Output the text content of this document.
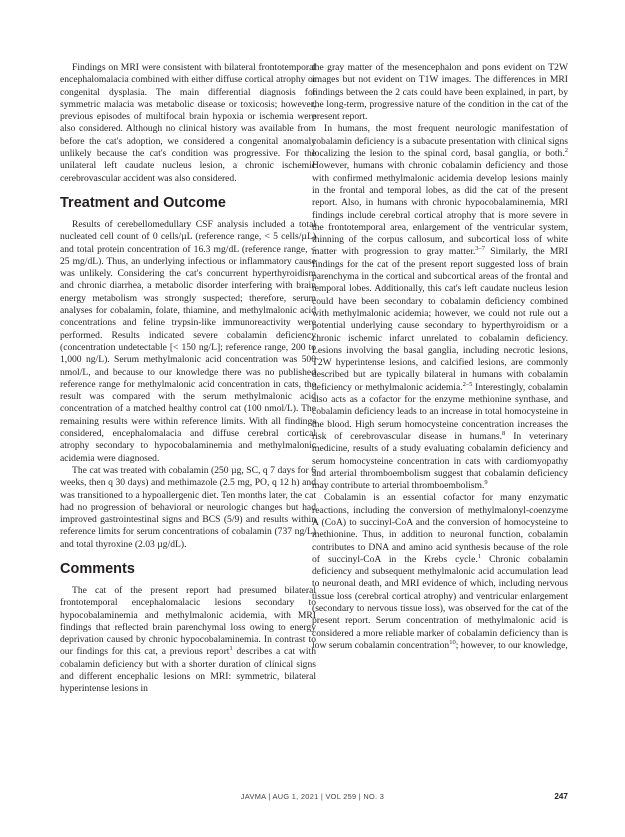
Findings on MRI were consistent with bilateral frontotemporal encephalomalacia combined with either diffuse cortical atrophy or congenital dysplasia. The main differential diagnosis for symmetric malacia was metabolic disease or toxicosis; however, previous episodes of multifocal brain hypoxia or ischemia were also considered. Although no clinical history was available from before the cat's adoption, we considered a congenital anomaly unlikely because the cat's condition was progressive. For the unilateral left caudate nucleus lesion, a chronic ischemic cerebrovascular accident was also considered.

Treatment and Outcome

Results of cerebellomedullary CSF analysis included a total nucleated cell count of 0 cells/µL (reference range, < 5 cells/µL) and total protein concentration of 16.3 mg/dL (reference range, < 25 mg/dL). Thus, an underlying infectious or inflammatory cause was unlikely. Considering the cat's concurrent hyperthyroidism and chronic diarrhea, a metabolic disorder interfering with brain energy metabolism was strongly suspected; therefore, serum analyses for cobalamin, folate, thiamine, and methylmalonic acid concentrations and feline trypsin-like immunoreactivity were performed. Results indicated severe cobalamin deficiency (concentration undetectable [< 150 ng/L]; reference range, 200 to 1,000 ng/L). Serum methylmalonic acid concentration was 500 nmol/L, and because to our knowledge there was no published reference range for methylmalonic acid concentration in cats, the result was compared with the serum methylmalonic acid concentration of a matched healthy control cat (100 nmol/L). The remaining results were within reference limits. With all findings considered, encephalomalacia and diffuse cerebral cortical atrophy secondary to hypocobalaminemia and methylmalonic acidemia were diagnosed.

The cat was treated with cobalamin (250 µg, SC, q 7 days for 6 weeks, then q 30 days) and methimazole (2.5 mg, PO, q 12 h) and was transitioned to a hypoallergenic diet. Ten months later, the cat had no progression of behavioral or neurologic changes but had improved gastrointestinal signs and BCS (5/9) and results within reference limits for serum concentrations of cobalamin (737 ng/L) and total thyroxine (2.03 µg/dL).

Comments

The cat of the present report had presumed bilateral frontotemporal encephalomalacic lesions secondary to hypocobalaminemia and methylmalonic acidemia, with MRI findings that reflected brain parenchymal loss owing to energy deprivation caused by chronic hypocobalaminemia. In contrast to our findings for this cat, a previous report$^1$ describes a cat with cobalamin deficiency but with a shorter duration of clinical signs and different encephalic lesions on MRI: symmetric, bilateral hyperintense lesions in

the gray matter of the mesencephalon and pons evident on T2W images but not evident on T1W images. The differences in MRI findings between the 2 cats could have been explained, in part, by the long-term, progressive nature of the condition in the cat of the present report.

In humans, the most frequent neurologic manifestation of cobalamin deficiency is a subacute presentation with clinical signs localizing the lesion to the spinal cord, basal ganglia, or both.$^2$ However, humans with chronic cobalamin deficiency and those with confirmed methylmalonic acidemia develop lesions mainly in the frontal and temporal lobes, as did the cat of the present report. Also, in humans with chronic hypocobalaminemia, MRI findings include cerebral cortical atrophy that is more severe in the frontotemporal area, enlargement of the ventricular system, thinning of the corpus callosum, and subcortical loss of white matter with progression to gray matter.$^{3-7}$ Similarly, the MRI findings for the cat of the present report suggested loss of brain parenchyma in the cortical and subcortical areas of the frontal and temporal lobes. Additionally, this cat's left caudate nucleus lesion could have been secondary to cobalamin deficiency combined with methylmalonic acidemia; however, we could not rule out a potential underlying cause secondary to hyperthyroidism or a chronic ischemic infarct unrelated to cobalamin deficiency. Lesions involving the basal ganglia, including necrotic lesions, T2W hyperintense lesions, and calcified lesions, are commonly described but are typically bilateral in humans with cobalamin deficiency or methylmalonic acidemia.$^{2-5}$ Interestingly, cobalamin also acts as a cofactor for the enzyme methionine synthase, and cobalamin deficiency leads to an increase in total homocysteine in the blood. High serum homocysteine concentration increases the risk of cerebrovascular disease in humans.$^8$ In veterinary medicine, results of a study evaluating cobalamin deficiency and serum homocysteine concentration in cats with cardiomyopathy and arterial thromboembolism suggest that cobalamin deficiency may contribute to arterial thromboembolism.$^9$

Cobalamin is an essential cofactor for many enzymatic reactions, including the conversion of methylmalonyl-coenzyme A (CoA) to succinyl-CoA and the conversion of homocysteine to methionine. Thus, in addition to neuronal function, cobalamin contributes to DNA and amino acid synthesis because of the role of succinyl-CoA in the Krebs cycle.$^1$ Chronic cobalamin deficiency and subsequent methylmalonic acid accumulation lead to neuronal death, and MRI evidence of which, including nervous tissue loss (cerebral cortical atrophy) and ventricular enlargement (secondary to nervous tissue loss), was observed for the cat of the present report. Serum concentration of methylmalonic acid is considered a more reliable marker of cobalamin deficiency than is low serum cobalamin concentration$^{10}$; however, to our knowledge,

JAVMA | AUG 1, 2021 | VOL 259 | NO. 3	247
